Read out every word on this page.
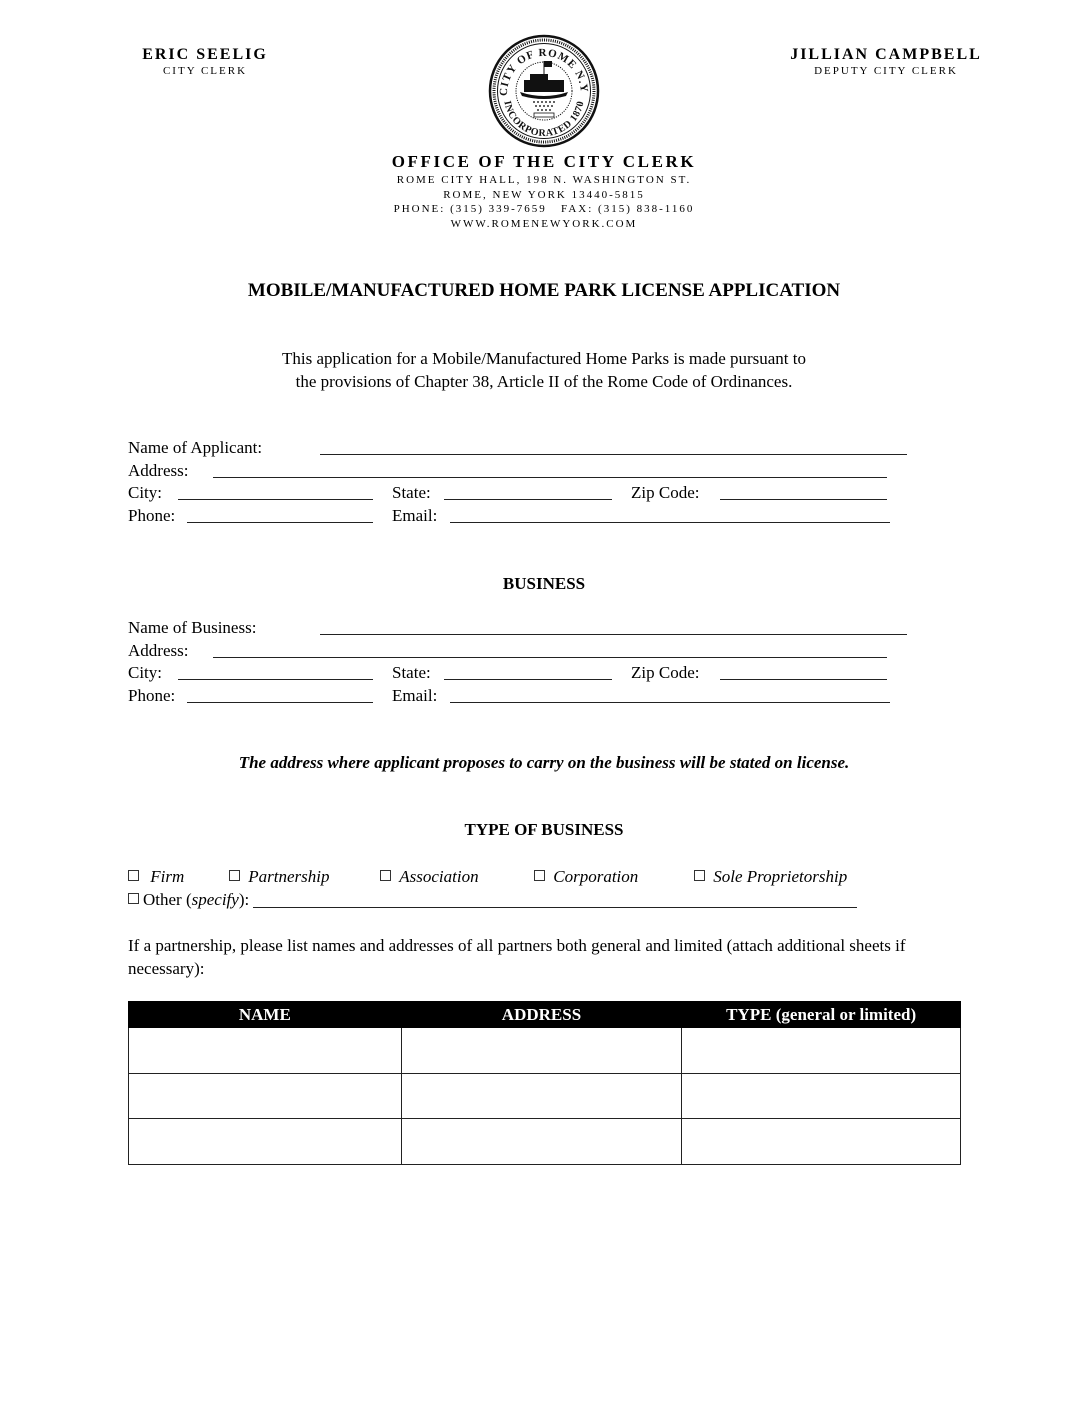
ERIC SEELIG
CITY CLERK
CITY OF ROME N.Y
INCORPORATED 1870
JILLIAN CAMPBELL
DEPUTY CITY CLERK
OFFICE OF THE CITY CLERK
ROME CITY HALL, 198 N. WASHINGTON ST.
ROME, NEW YORK 13440-5815
PHONE: (315) 339-7659   FAX: (315) 838-1160
WWW.ROMENEWYORK.COM
MOBILE/MANUFACTURED HOME PARK LICENSE APPLICATION
This application for a Mobile/Manufactured Home Parks is made pursuant to
the provisions of Chapter 38, Article II of the Rome Code of Ordinances.
Name of Applicant:
Address:
City:	State:	Zip Code:
Phone:	Email:
BUSINESS
Name of Business:
Address:
City:	State:	Zip Code:
Phone:	Email:
The address where applicant proposes to carry on the business will be stated on license.
TYPE OF BUSINESS
Firm	Partnership	Association	Corporation	Sole Proprietorship
Other (specify):
If a partnership, please list names and addresses of all partners both general and limited (attach additional sheets if necessary):
NAME	ADDRESS	TYPE (general or limited)
